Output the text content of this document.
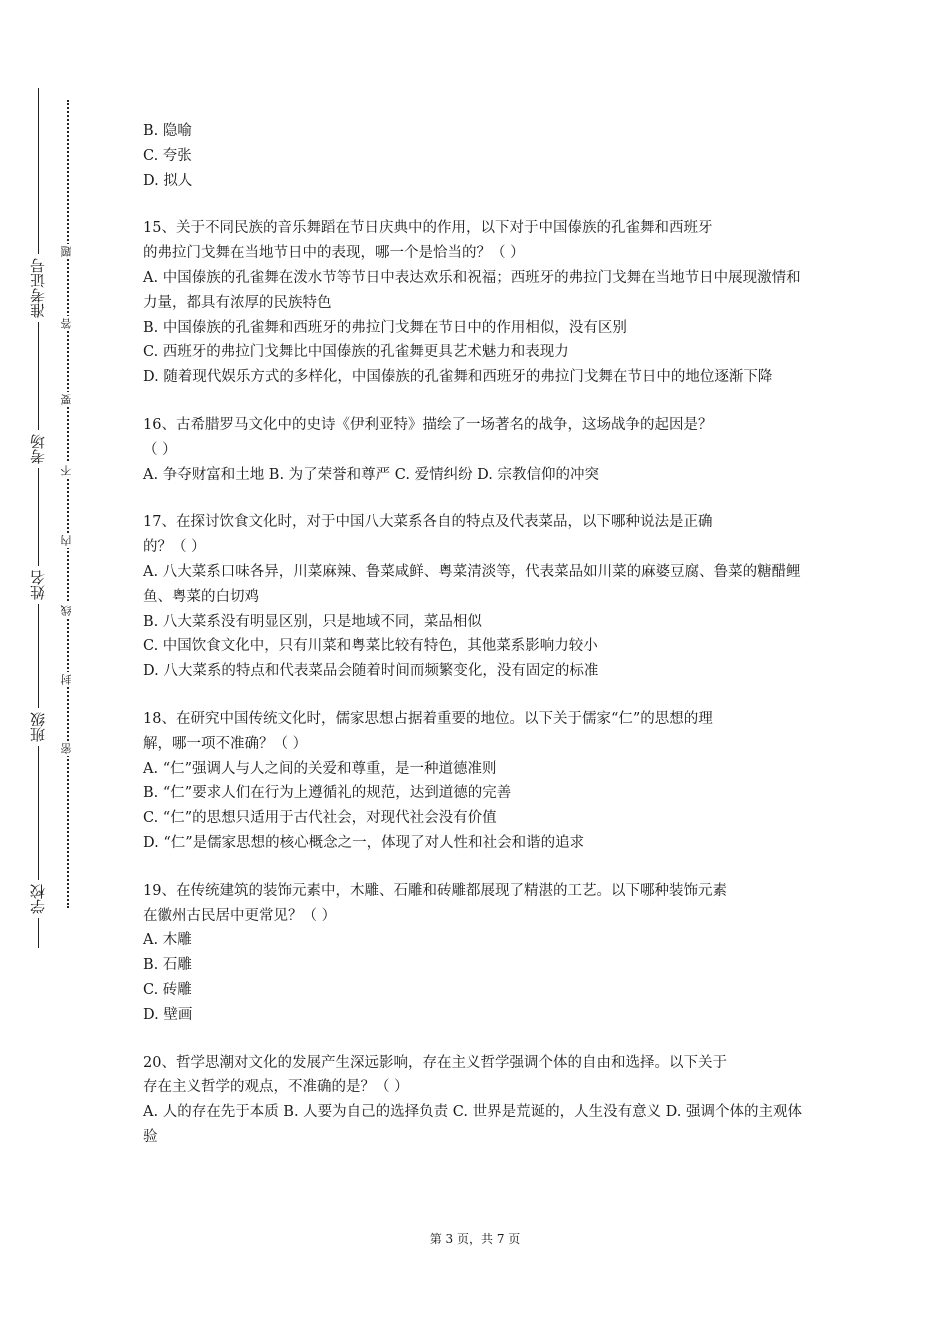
学校
班级
姓名
考场
准考证号
密
封
线
内
不
要
答
题
B. 隐喻
C. 夸张
D. 拟人
15、关于不同民族的音乐舞蹈在节日庆典中的作用，以下对于中国傣族的孔雀舞和西班牙
的弗拉门戈舞在当地节日中的表现，哪一个是恰当的？（ ）
A. 中国傣族的孔雀舞在泼水节等节日中表达欢乐和祝福；西班牙的弗拉门戈舞在当地节日中展现激情和力量，都具有浓厚的民族特色
B. 中国傣族的孔雀舞和西班牙的弗拉门戈舞在节日中的作用相似，没有区别
C. 西班牙的弗拉门戈舞比中国傣族的孔雀舞更具艺术魅力和表现力
D. 随着现代娱乐方式的多样化，中国傣族的孔雀舞和西班牙的弗拉门戈舞在节日中的地位逐渐下降
16、古希腊罗马文化中的史诗《伊利亚特》描绘了一场著名的战争，这场战争的起因是？
（ ）
A. 争夺财富和土地 B. 为了荣誉和尊严 C. 爱情纠纷 D. 宗教信仰的冲突
17、在探讨饮食文化时，对于中国八大菜系各自的特点及代表菜品，以下哪种说法是正确
的？（ ）
A. 八大菜系口味各异，川菜麻辣、鲁菜咸鲜、粤菜清淡等，代表菜品如川菜的麻婆豆腐、鲁菜的糖醋鲤鱼、粤菜的白切鸡
B. 八大菜系没有明显区别，只是地域不同，菜品相似
C. 中国饮食文化中，只有川菜和粤菜比较有特色，其他菜系影响力较小
D. 八大菜系的特点和代表菜品会随着时间而频繁变化，没有固定的标准
18、在研究中国传统文化时，儒家思想占据着重要的地位。以下关于儒家“仁”的思想的理
解，哪一项不准确？（ ）
A. “仁”强调人与人之间的关爱和尊重，是一种道德准则
B. “仁”要求人们在行为上遵循礼的规范，达到道德的完善
C. “仁”的思想只适用于古代社会，对现代社会没有价值
D. “仁”是儒家思想的核心概念之一，体现了对人性和社会和谐的追求
19、在传统建筑的装饰元素中，木雕、石雕和砖雕都展现了精湛的工艺。以下哪种装饰元素
在徽州古民居中更常见？（ ）
A. 木雕
B. 石雕
C. 砖雕
D. 壁画
20、哲学思潮对文化的发展产生深远影响，存在主义哲学强调个体的自由和选择。以下关于
存在主义哲学的观点，不准确的是？（ ）
A. 人的存在先于本质 B. 人要为自己的选择负责 C. 世界是荒诞的，人生没有意义 D. 强调个体的主观体验
第 3 页，共 7 页
